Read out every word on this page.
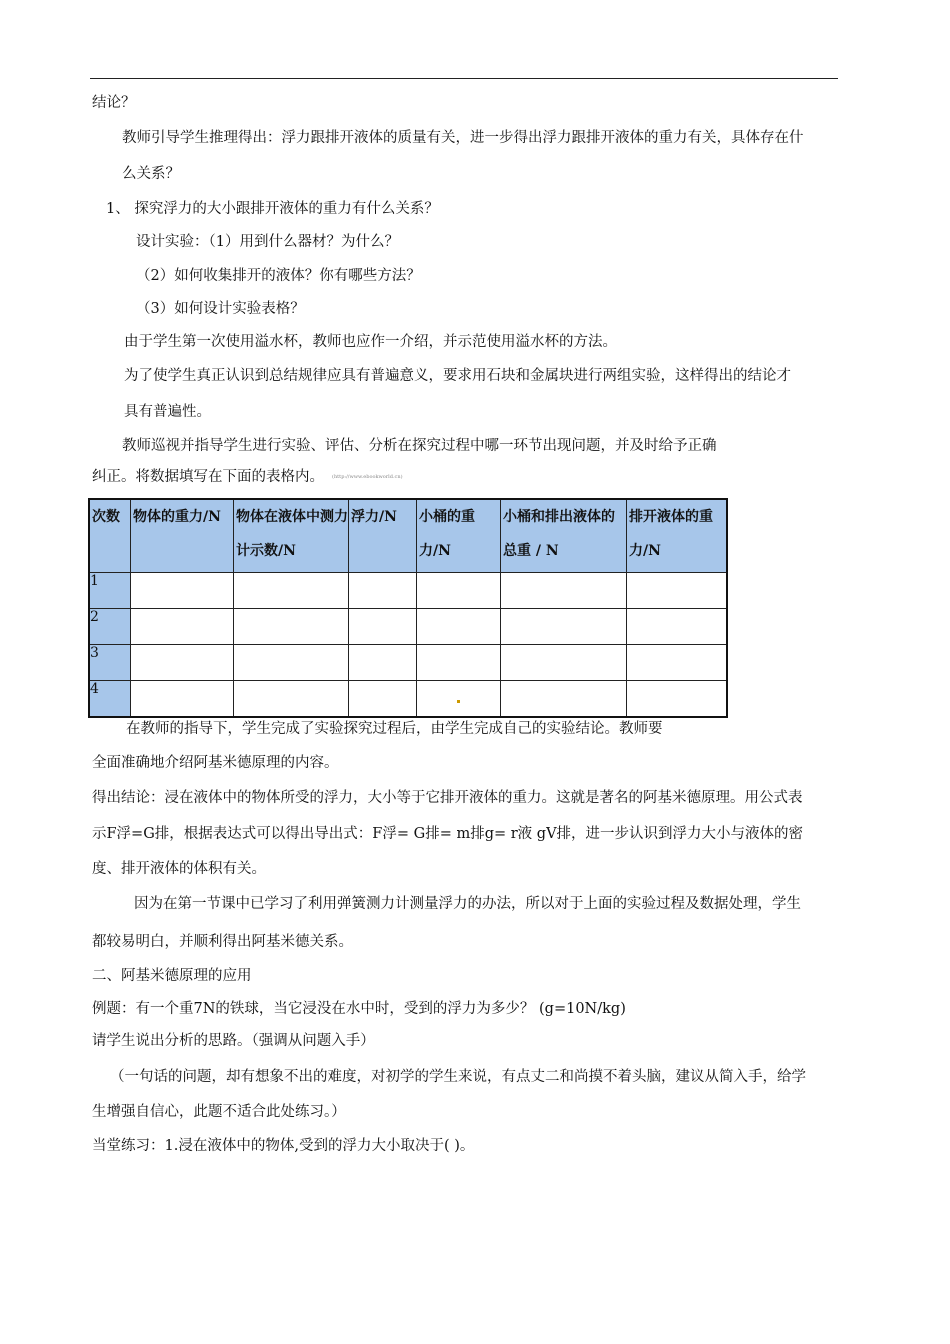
结论？
教师引导学生推理得出：浮力跟排开液体的质量有关，进一步得出浮力跟排开液体的重力有关，具体存在什
么关系？
1、 探究浮力的大小跟排开液体的重力有什么关系？
设计实验：（1）用到什么器材？为什么？
（2）如何收集排开的液体？你有哪些方法？
（3）如何设计实验表格？
由于学生第一次使用溢水杯，教师也应作一介绍，并示范使用溢水杯的方法。
为了使学生真正认识到总结规律应具有普遍意义，要求用石块和金属块进行两组实验，这样得出的结论才
具有普遍性。
教师巡视并指导学生进行实验、评估、分析在探究过程中哪一环节出现问题，并及时给予正确
纠正。将数据填写在下面的表格内。 (http://www.ebookworld.cn)
次数	物体的重力/N	物体在液体中测力计示数/N	浮力/N	小桶的重力/N	小桶和排出液体的总重 / N	排开液体的重力/N

1						
2						
3						
4						
在教师的指导下，学生完成了实验探究过程后，由学生完成自己的实验结论。教师要
全面准确地介绍阿基米德原理的内容。
得出结论：浸在液体中的物体所受的浮力，大小等于它排开液体的重力。这就是著名的阿基米德原理。用公式表
示F浮=G排，根据表达式可以得出导出式：F浮= G排= m排g= r液 gV排，进一步认识到浮力大小与液体的密
度、排开液体的体积有关。
因为在第一节课中已学习了利用弹簧测力计测量浮力的办法，所以对于上面的实验过程及数据处理，学生
都较易明白，并顺利得出阿基米德关系。
二、阿基米德原理的应用
例题：有一个重7N的铁球，当它浸没在水中时，受到的浮力为多少？ (g=10N/kg)
请学生说出分析的思路。（强调从问题入手）
（一句话的问题，却有想象不出的难度，对初学的学生来说，有点丈二和尚摸不着头脑，建议从简入手，给学
生增强自信心，此题不适合此处练习。）
当堂练习：1.浸在液体中的物体,受到的浮力大小取决于( )。
